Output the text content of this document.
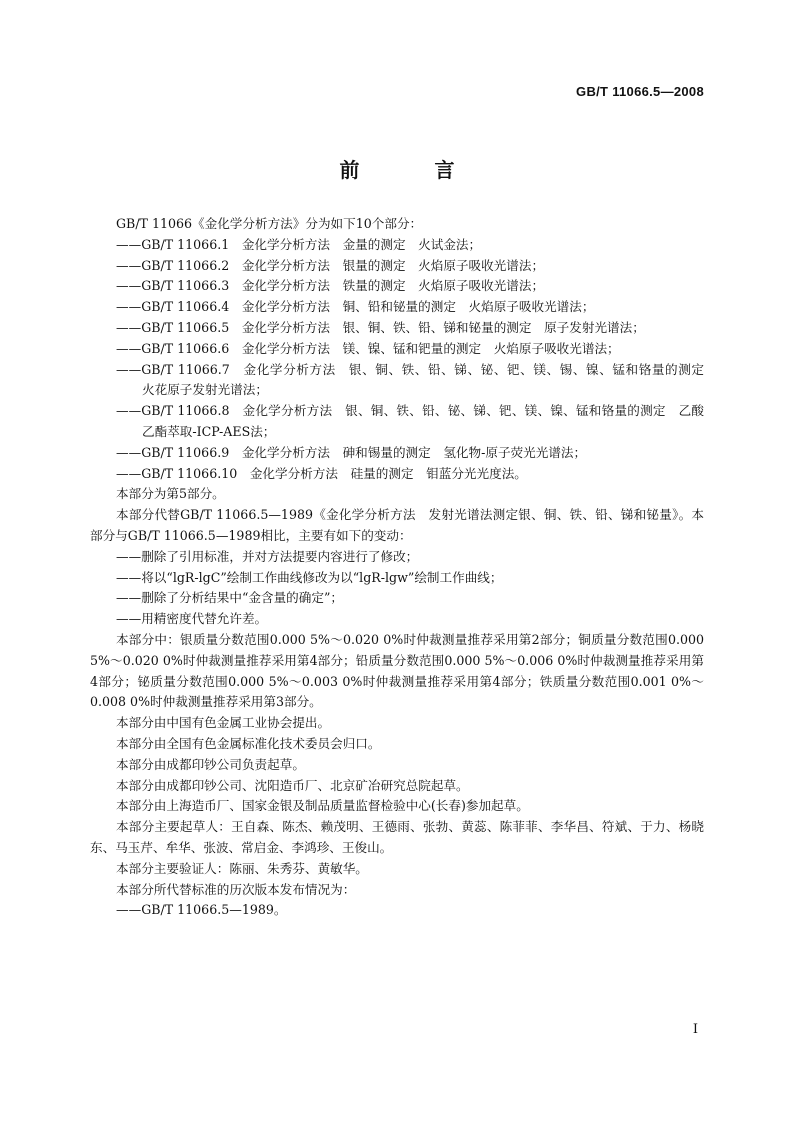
GB/T 11066.5—2008
前 言

GB/T 11066《金化学分析方法》分为如下10个部分：

——GB/T 11066.1　金化学分析方法　金量的测定　火试金法；

——GB/T 11066.2　金化学分析方法　银量的测定　火焰原子吸收光谱法；

——GB/T 11066.3　金化学分析方法　铁量的测定　火焰原子吸收光谱法；

——GB/T 11066.4　金化学分析方法　铜、铅和铋量的测定　火焰原子吸收光谱法；

——GB/T 11066.5　金化学分析方法　银、铜、铁、铅、锑和铋量的测定　原子发射光谱法；

——GB/T 11066.6　金化学分析方法　镁、镍、锰和钯量的测定　火焰原子吸收光谱法；

——GB/T 11066.7　金化学分析方法　银、铜、铁、铅、锑、铋、钯、镁、锡、镍、锰和铬量的测定　火花原子发射光谱法；

——GB/T 11066.8　金化学分析方法　银、铜、铁、铅、铋、锑、钯、镁、镍、锰和铬量的测定　乙酸乙酯萃取-ICP-AES法；

——GB/T 11066.9　金化学分析方法　砷和锡量的测定　氢化物-原子荧光光谱法；

——GB/T 11066.10　金化学分析方法　硅量的测定　钼蓝分光光度法。

本部分为第5部分。

本部分代替GB/T 11066.5—1989《金化学分析方法　发射光谱法测定银、铜、铁、铅、锑和铋量》。本部分与GB/T 11066.5—1989相比，主要有如下的变动：

——删除了引用标准，并对方法提要内容进行了修改；

——将以“lgR-lgC”绘制工作曲线修改为以“lgR-lgw”绘制工作曲线；

——删除了分析结果中“金含量的确定”；

——用精密度代替允许差。

本部分中：银质量分数范围0.000 5%～0.020 0%时仲裁测量推荐采用第2部分；铜质量分数范围0.000 5%～0.020 0%时仲裁测量推荐采用第4部分；铅质量分数范围0.000 5%～0.006 0%时仲裁测量推荐采用第4部分；铋质量分数范围0.000 5%～0.003 0%时仲裁测量推荐采用第4部分；铁质量分数范围0.001 0%～0.008 0%时仲裁测量推荐采用第3部分。

本部分由中国有色金属工业协会提出。

本部分由全国有色金属标准化技术委员会归口。

本部分由成都印钞公司负责起草。

本部分由成都印钞公司、沈阳造币厂、北京矿冶研究总院起草。

本部分由上海造币厂、国家金银及制品质量监督检验中心(长春)参加起草。

本部分主要起草人：王自森、陈杰、赖茂明、王德雨、张勃、黄蕊、陈菲菲、李华昌、符斌、于力、杨晓东、马玉芹、牟华、张波、常启金、李鸿珍、王俊山。

本部分主要验证人：陈丽、朱秀芬、黄敏华。

本部分所代替标准的历次版本发布情况为：

——GB/T 11066.5—1989。

I
